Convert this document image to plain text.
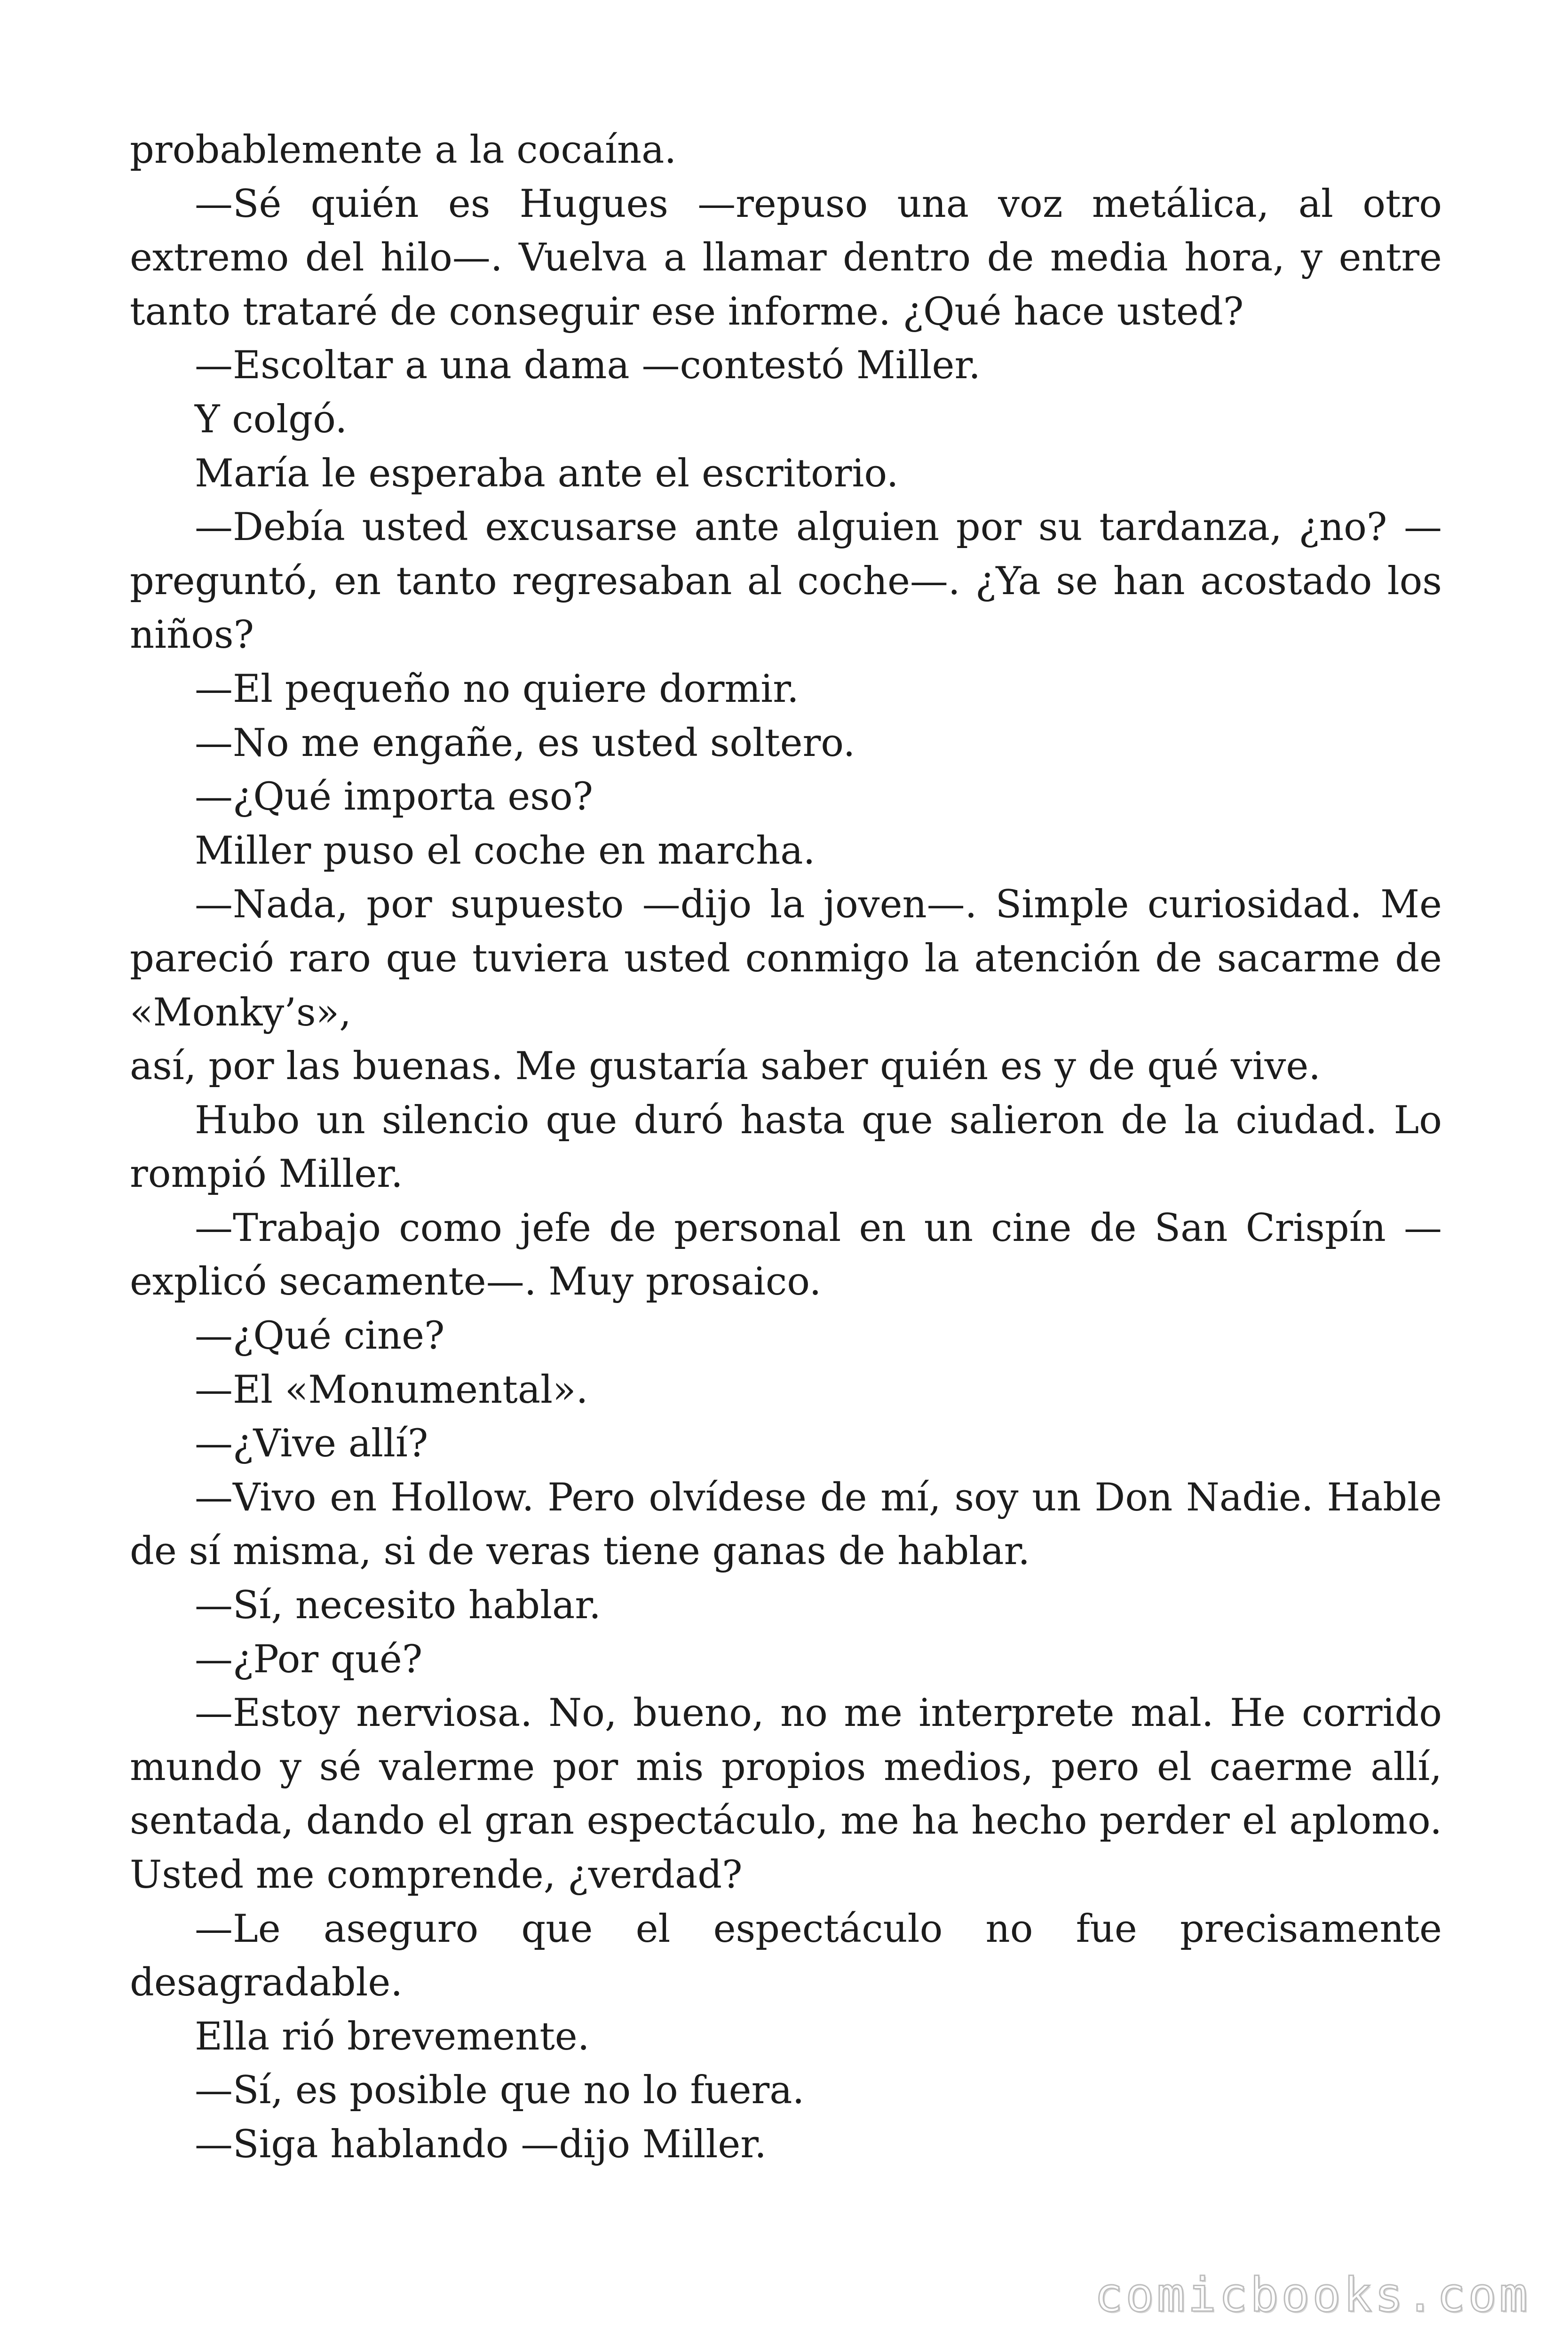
probablemente a la cocaína.

—Sé quién es Hugues —repuso una voz metálica, al otro extremo del hilo—. Vuelva a llamar dentro de media hora, y entre tanto trataré de conseguir ese informe. ¿Qué hace usted?

—Escoltar a una dama —contestó Miller.

Y colgó.

María le esperaba ante el escritorio.

—Debía usted excusarse ante alguien por su tardanza, ¿no? —preguntó, en tanto regresaban al coche—. ¿Ya se han acostado los niños?

—El pequeño no quiere dormir.

—No me engañe, es usted soltero.

—¿Qué importa eso?

Miller puso el coche en marcha.

—Nada, por supuesto —dijo la joven—. Simple curiosidad. Me pareció raro que tuviera usted conmigo la atención de sacarme de «Monky’s»,

así, por las buenas. Me gustaría saber quién es y de qué vive.

Hubo un silencio que duró hasta que salieron de la ciudad. Lo rompió Miller.

—Trabajo como jefe de personal en un cine de San Crispín —explicó secamente—. Muy prosaico.

—¿Qué cine?

—El «Monumental».

—¿Vive allí?

—Vivo en Hollow. Pero olvídese de mí, soy un Don Nadie. Hable de sí misma, si de veras tiene ganas de hablar.

—Sí, necesito hablar.

—¿Por qué?

—Estoy nerviosa. No, bueno, no me interprete mal. He corrido mundo y sé valerme por mis propios medios, pero el caerme allí, sentada, dando el gran espectáculo, me ha hecho perder el aplomo. Usted me comprende, ¿verdad?

—Le aseguro que el espectáculo no fue precisamente desagradable.

Ella rió brevemente.

—Sí, es posible que no lo fuera.

—Siga hablando —dijo Miller.

comicbooks.com
